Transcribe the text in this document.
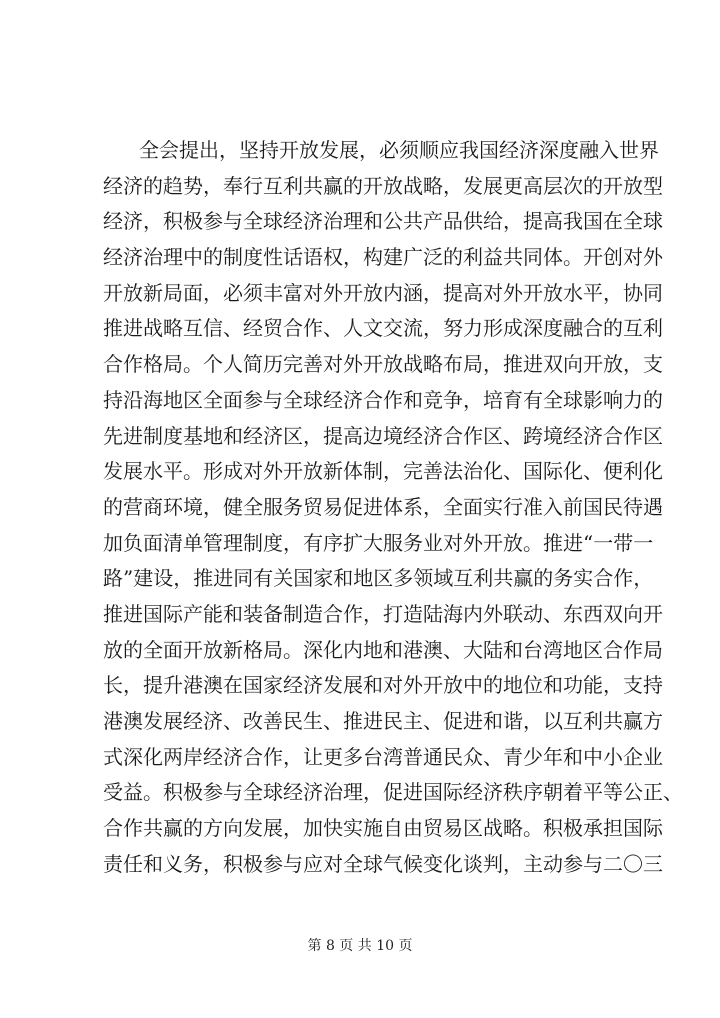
全会提出，坚持开放发展，必须顺应我国经济深度融入世界
经济的趋势，奉行互利共赢的开放战略，发展更高层次的开放型
经济，积极参与全球经济治理和公共产品供给，提高我国在全球
经济治理中的制度性话语权，构建广泛的利益共同体。开创对外
开放新局面，必须丰富对外开放内涵，提高对外开放水平，协同
推进战略互信、经贸合作、人文交流，努力形成深度融合的互利
合作格局。个人简历完善对外开放战略布局，推进双向开放，支
持沿海地区全面参与全球经济合作和竞争，培育有全球影响力的
先进制度基地和经济区，提高边境经济合作区、跨境经济合作区
发展水平。形成对外开放新体制，完善法治化、国际化、便利化
的营商环境，健全服务贸易促进体系，全面实行准入前国民待遇
加负面清单管理制度，有序扩大服务业对外开放。推进“一带一
路”建设，推进同有关国家和地区多领域互利共赢的务实合作，
推进国际产能和装备制造合作，打造陆海内外联动、东西双向开
放的全面开放新格局。深化内地和港澳、大陆和台湾地区合作局
长，提升港澳在国家经济发展和对外开放中的地位和功能，支持
港澳发展经济、改善民生、推进民主、促进和谐，以互利共赢方
式深化两岸经济合作，让更多台湾普通民众、青少年和中小企业
受益。积极参与全球经济治理，促进国际经济秩序朝着平等公正、
合作共赢的方向发展，加快实施自由贸易区战略。积极承担国际
责任和义务，积极参与应对全球气候变化谈判，主动参与二〇三
第 8 页 共 10 页
